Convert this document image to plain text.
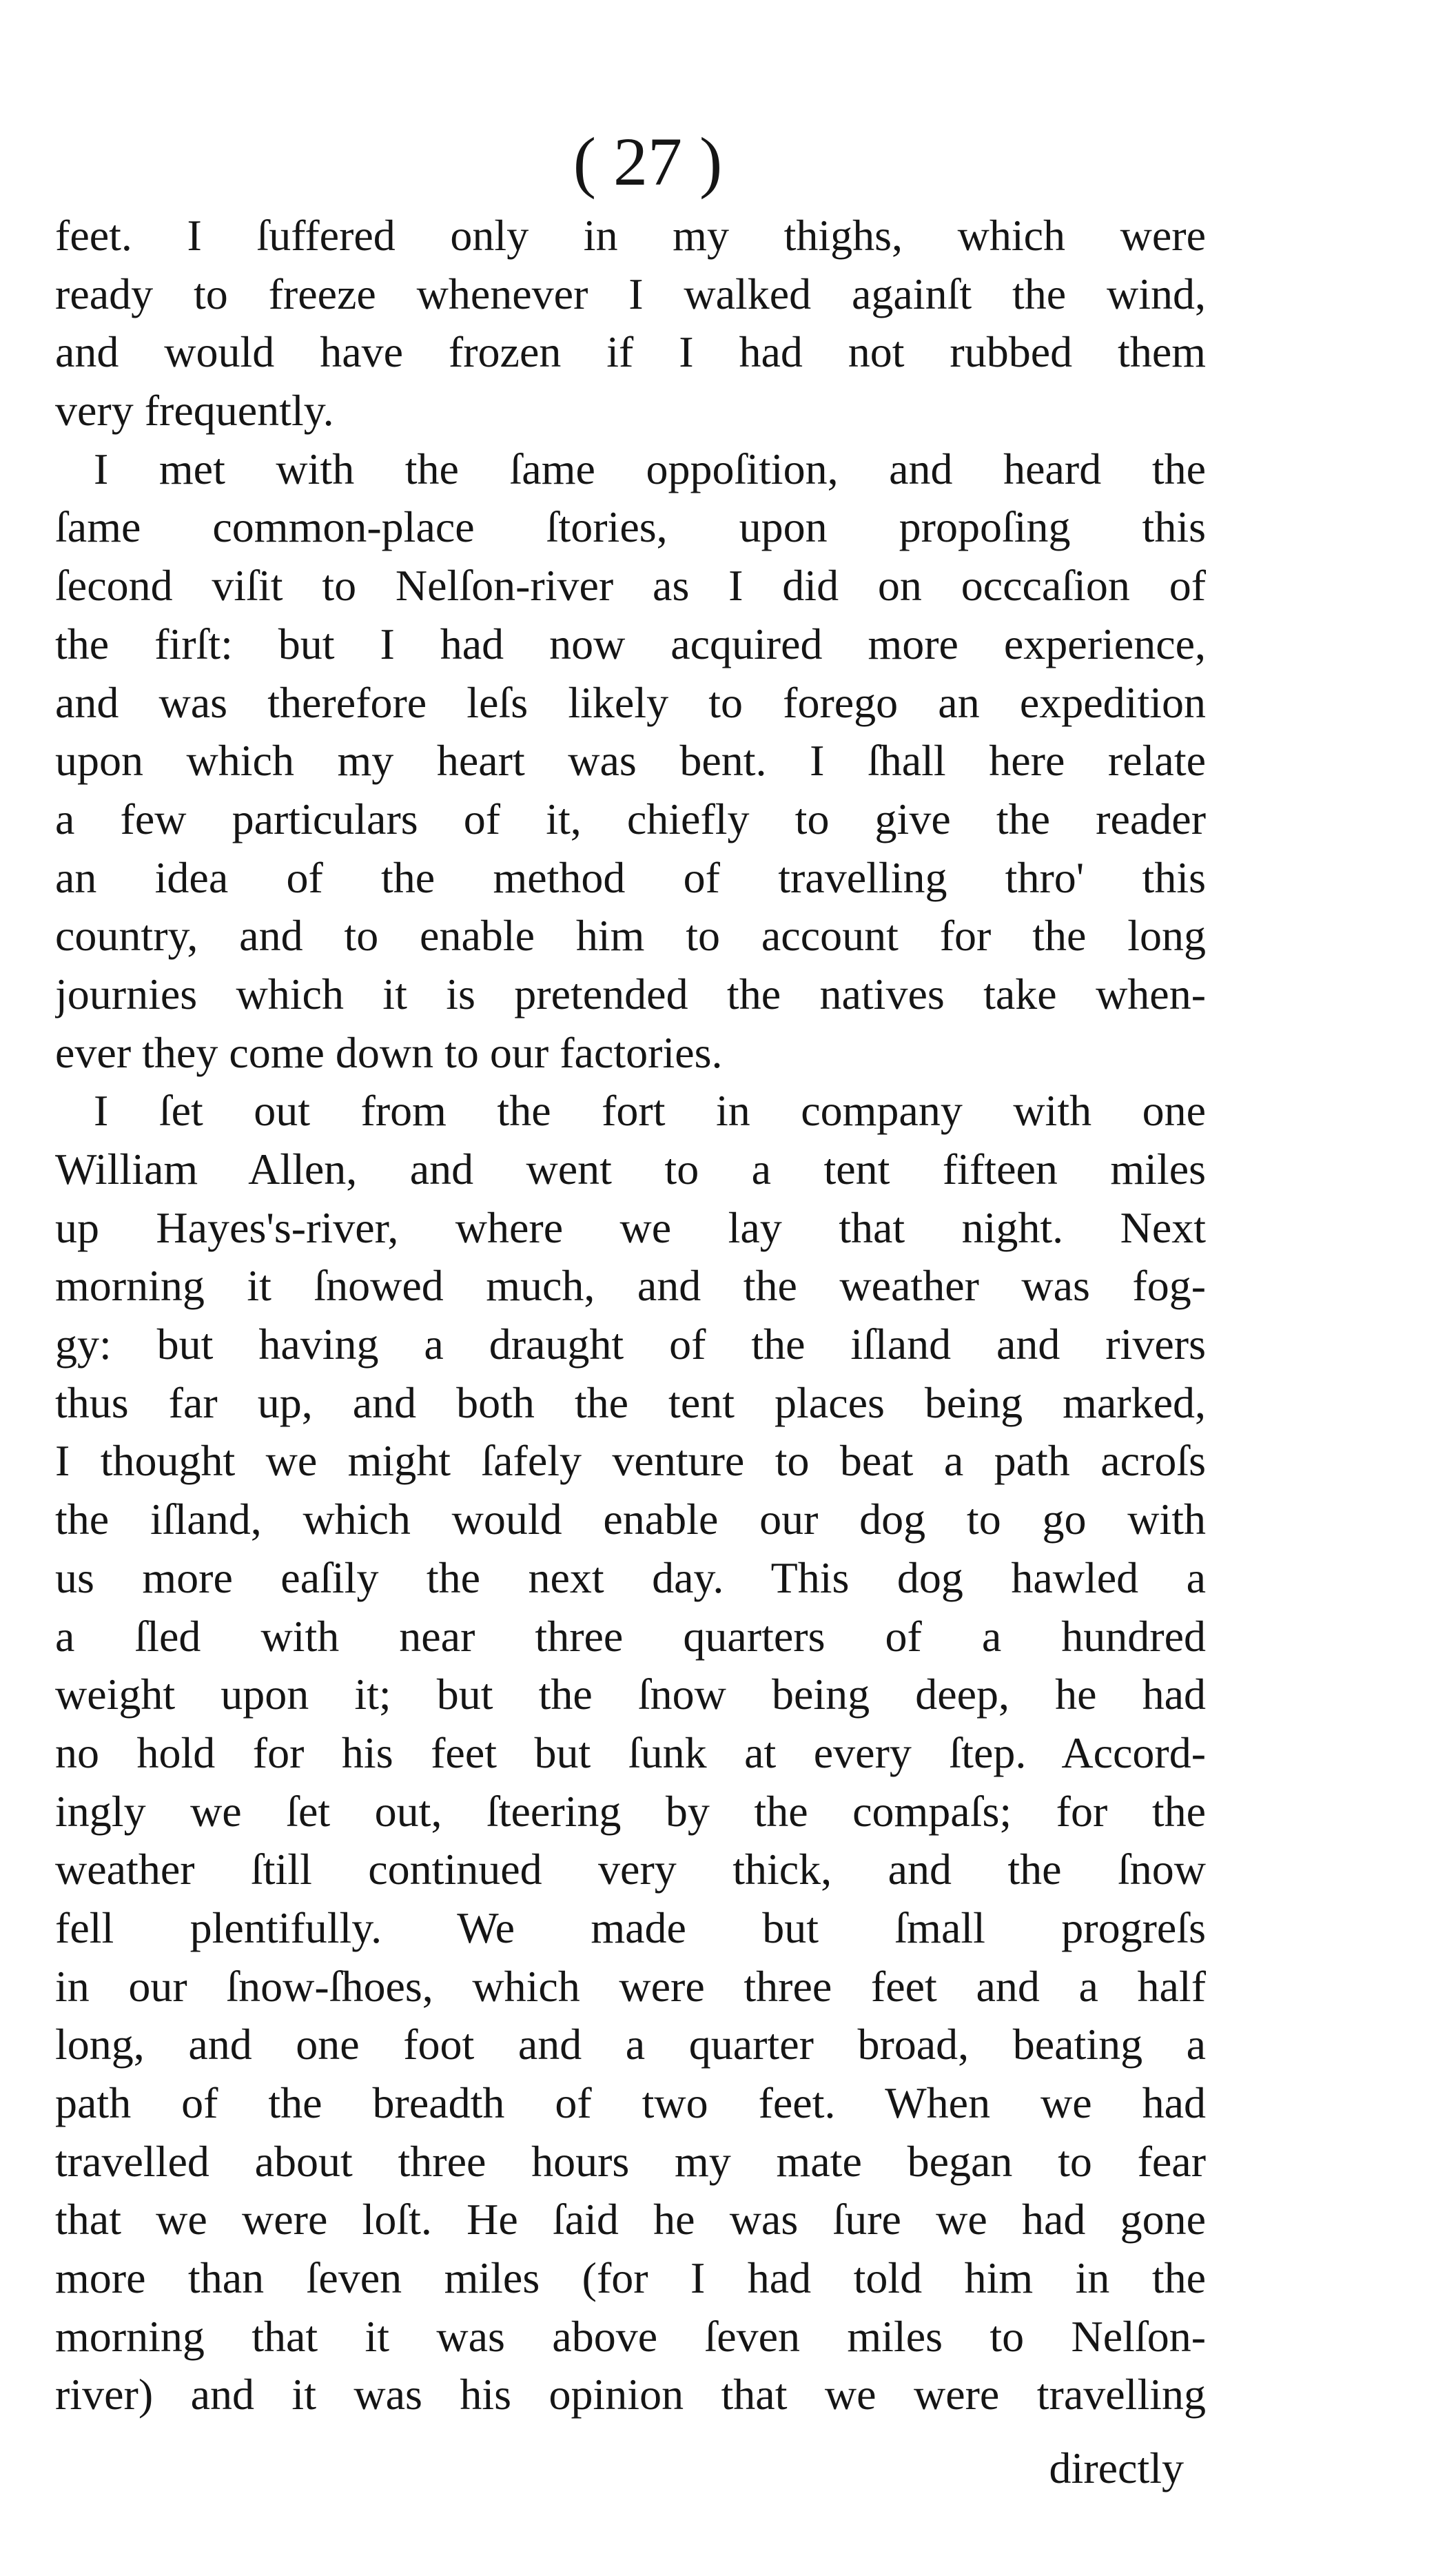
( 27 )
feet. I ſuffered only in my thighs, which were
ready to freeze whenever I walked againſt the wind,
and would have frozen if I had not rubbed them
very frequently.
I met with the ſame oppoſition, and heard the
ſame common-place ſtories, upon propoſing this
ſecond viſit to Nelſon-river as I did on occcaſion of
the firſt: but I had now acquired more experience,
and was therefore leſs likely to forego an expedition
upon which my heart was bent. I ſhall here relate
a few particulars of it, chiefly to give the reader
an idea of the method of travelling thro' this
country, and to enable him to account for the long
journies which it is pretended the natives take when-
ever they come down to our factories.
I ſet out from the fort in company with one
William Allen, and went to a tent fifteen miles
up Hayes's-river, where we lay that night. Next
morning it ſnowed much, and the weather was fog-
gy: but having a draught of the iſland and rivers
thus far up, and both the tent places being marked,
I thought we might ſafely venture to beat a path acroſs
the iſland, which would enable our dog to go with
us more eaſily the next day. This dog hawled a
a ſled with near three quarters of a hundred
weight upon it; but the ſnow being deep, he had
no hold for his feet but ſunk at every ſtep. Accord-
ingly we ſet out, ſteering by the compaſs; for the
weather ſtill continued very thick, and the ſnow
fell plentifully. We made but ſmall progreſs
in our ſnow-ſhoes, which were three feet and a half
long, and one foot and a quarter broad, beating a
path of the breadth of two feet. When we had
travelled about three hours my mate began to fear
that we were loſt. He ſaid he was ſure we had gone
more than ſeven miles (for I had told him in the
morning that it was above ſeven miles to Nelſon-
river) and it was his opinion that we were travelling
directly
